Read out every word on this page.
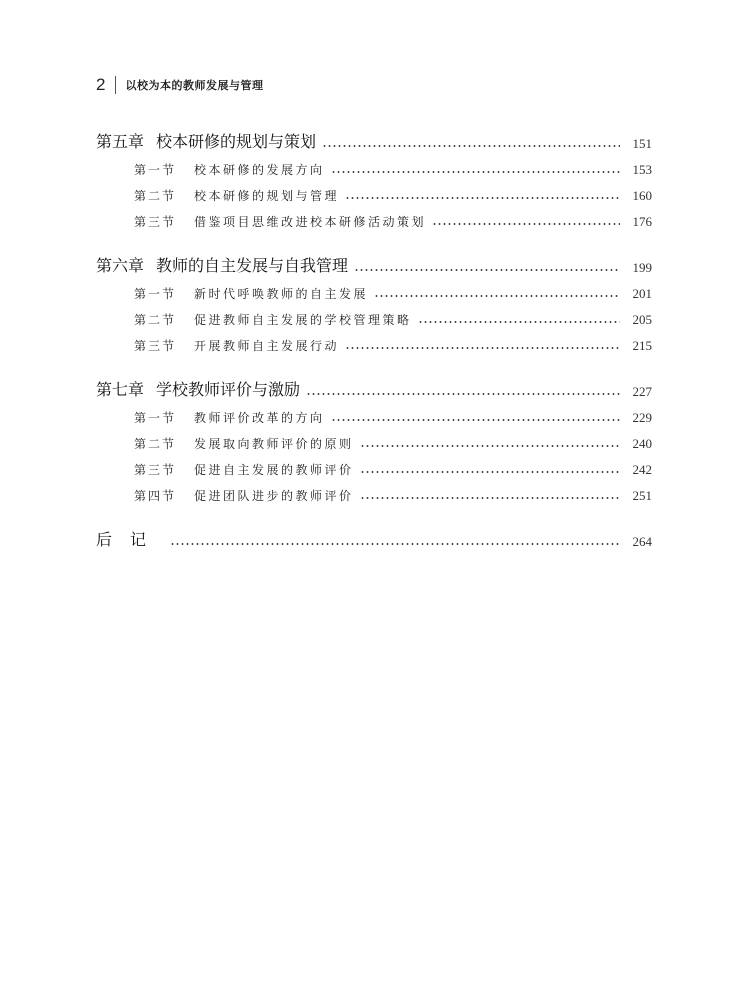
2 以校为本的教师发展与管理
第五章 校本研修的规划与策划	151
第一节 校本研修的发展方向	153
第二节 校本研修的规划与管理	160
第三节 借鉴项目思维改进校本研修活动策划	176
第六章 教师的自主发展与自我管理	199
第一节 新时代呼唤教师的自主发展	201
第二节 促进教师自主发展的学校管理策略	205
第三节 开展教师自主发展行动	215
第七章 学校教师评价与激励	227
第一节 教师评价改革的方向	229
第二节 发展取向教师评价的原则	240
第三节 促进自主发展的教师评价	242
第四节 促进团队进步的教师评价	251
后记	264
